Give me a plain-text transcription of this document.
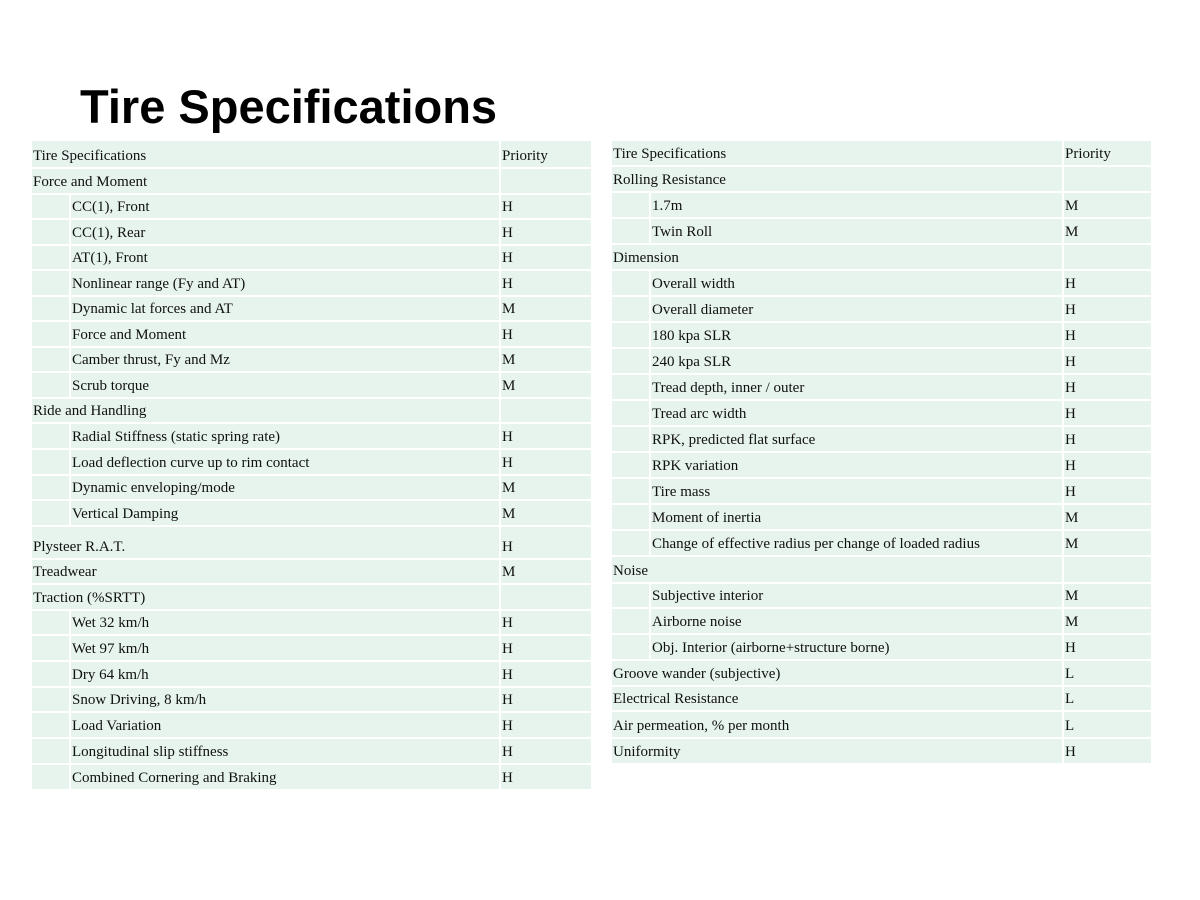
Tire Specifications
Tire Specifications		Priority
Force and Moment		
	CC(1), Front	H
	CC(1), Rear	H
	AT(1), Front	H
	Nonlinear range (Fy and AT)	H
	Dynamic lat forces and AT	M
	Force and Moment	H
	Camber thrust, Fy and Mz	M
	Scrub torque	M
Ride and Handling		
	Radial Stiffness (static spring rate)	H
	Load deflection curve up to rim contact	H
	Dynamic enveloping/mode	M
	Vertical Damping	M
Plysteer R.A.T.		H
Treadwear		M
Traction (%SRTT)		
	Wet 32 km/h	H
	Wet 97 km/h	H
	Dry 64 km/h	H
	Snow Driving, 8 km/h	H
	Load Variation	H
	Longitudinal slip stiffness	H
	Combined Cornering and Braking	H
Tire Specifications		Priority
Rolling Resistance		
	1.7m	M
	Twin Roll	M
Dimension		
	Overall width	H
	Overall diameter	H
	180 kpa SLR	H
	240 kpa SLR	H
	Tread depth, inner / outer	H
	Tread arc width	H
	RPK, predicted flat surface	H
	RPK variation	H
	Tire mass	H
	Moment of inertia	M
	Change of effective radius per change of loaded radius	M
Noise		
	Subjective interior	M
	Airborne noise	M
	Obj. Interior (airborne+structure borne)	H
Groove wander (subjective)		L
Electrical Resistance		L
Air permeation, % per month		L
Uniformity		H
